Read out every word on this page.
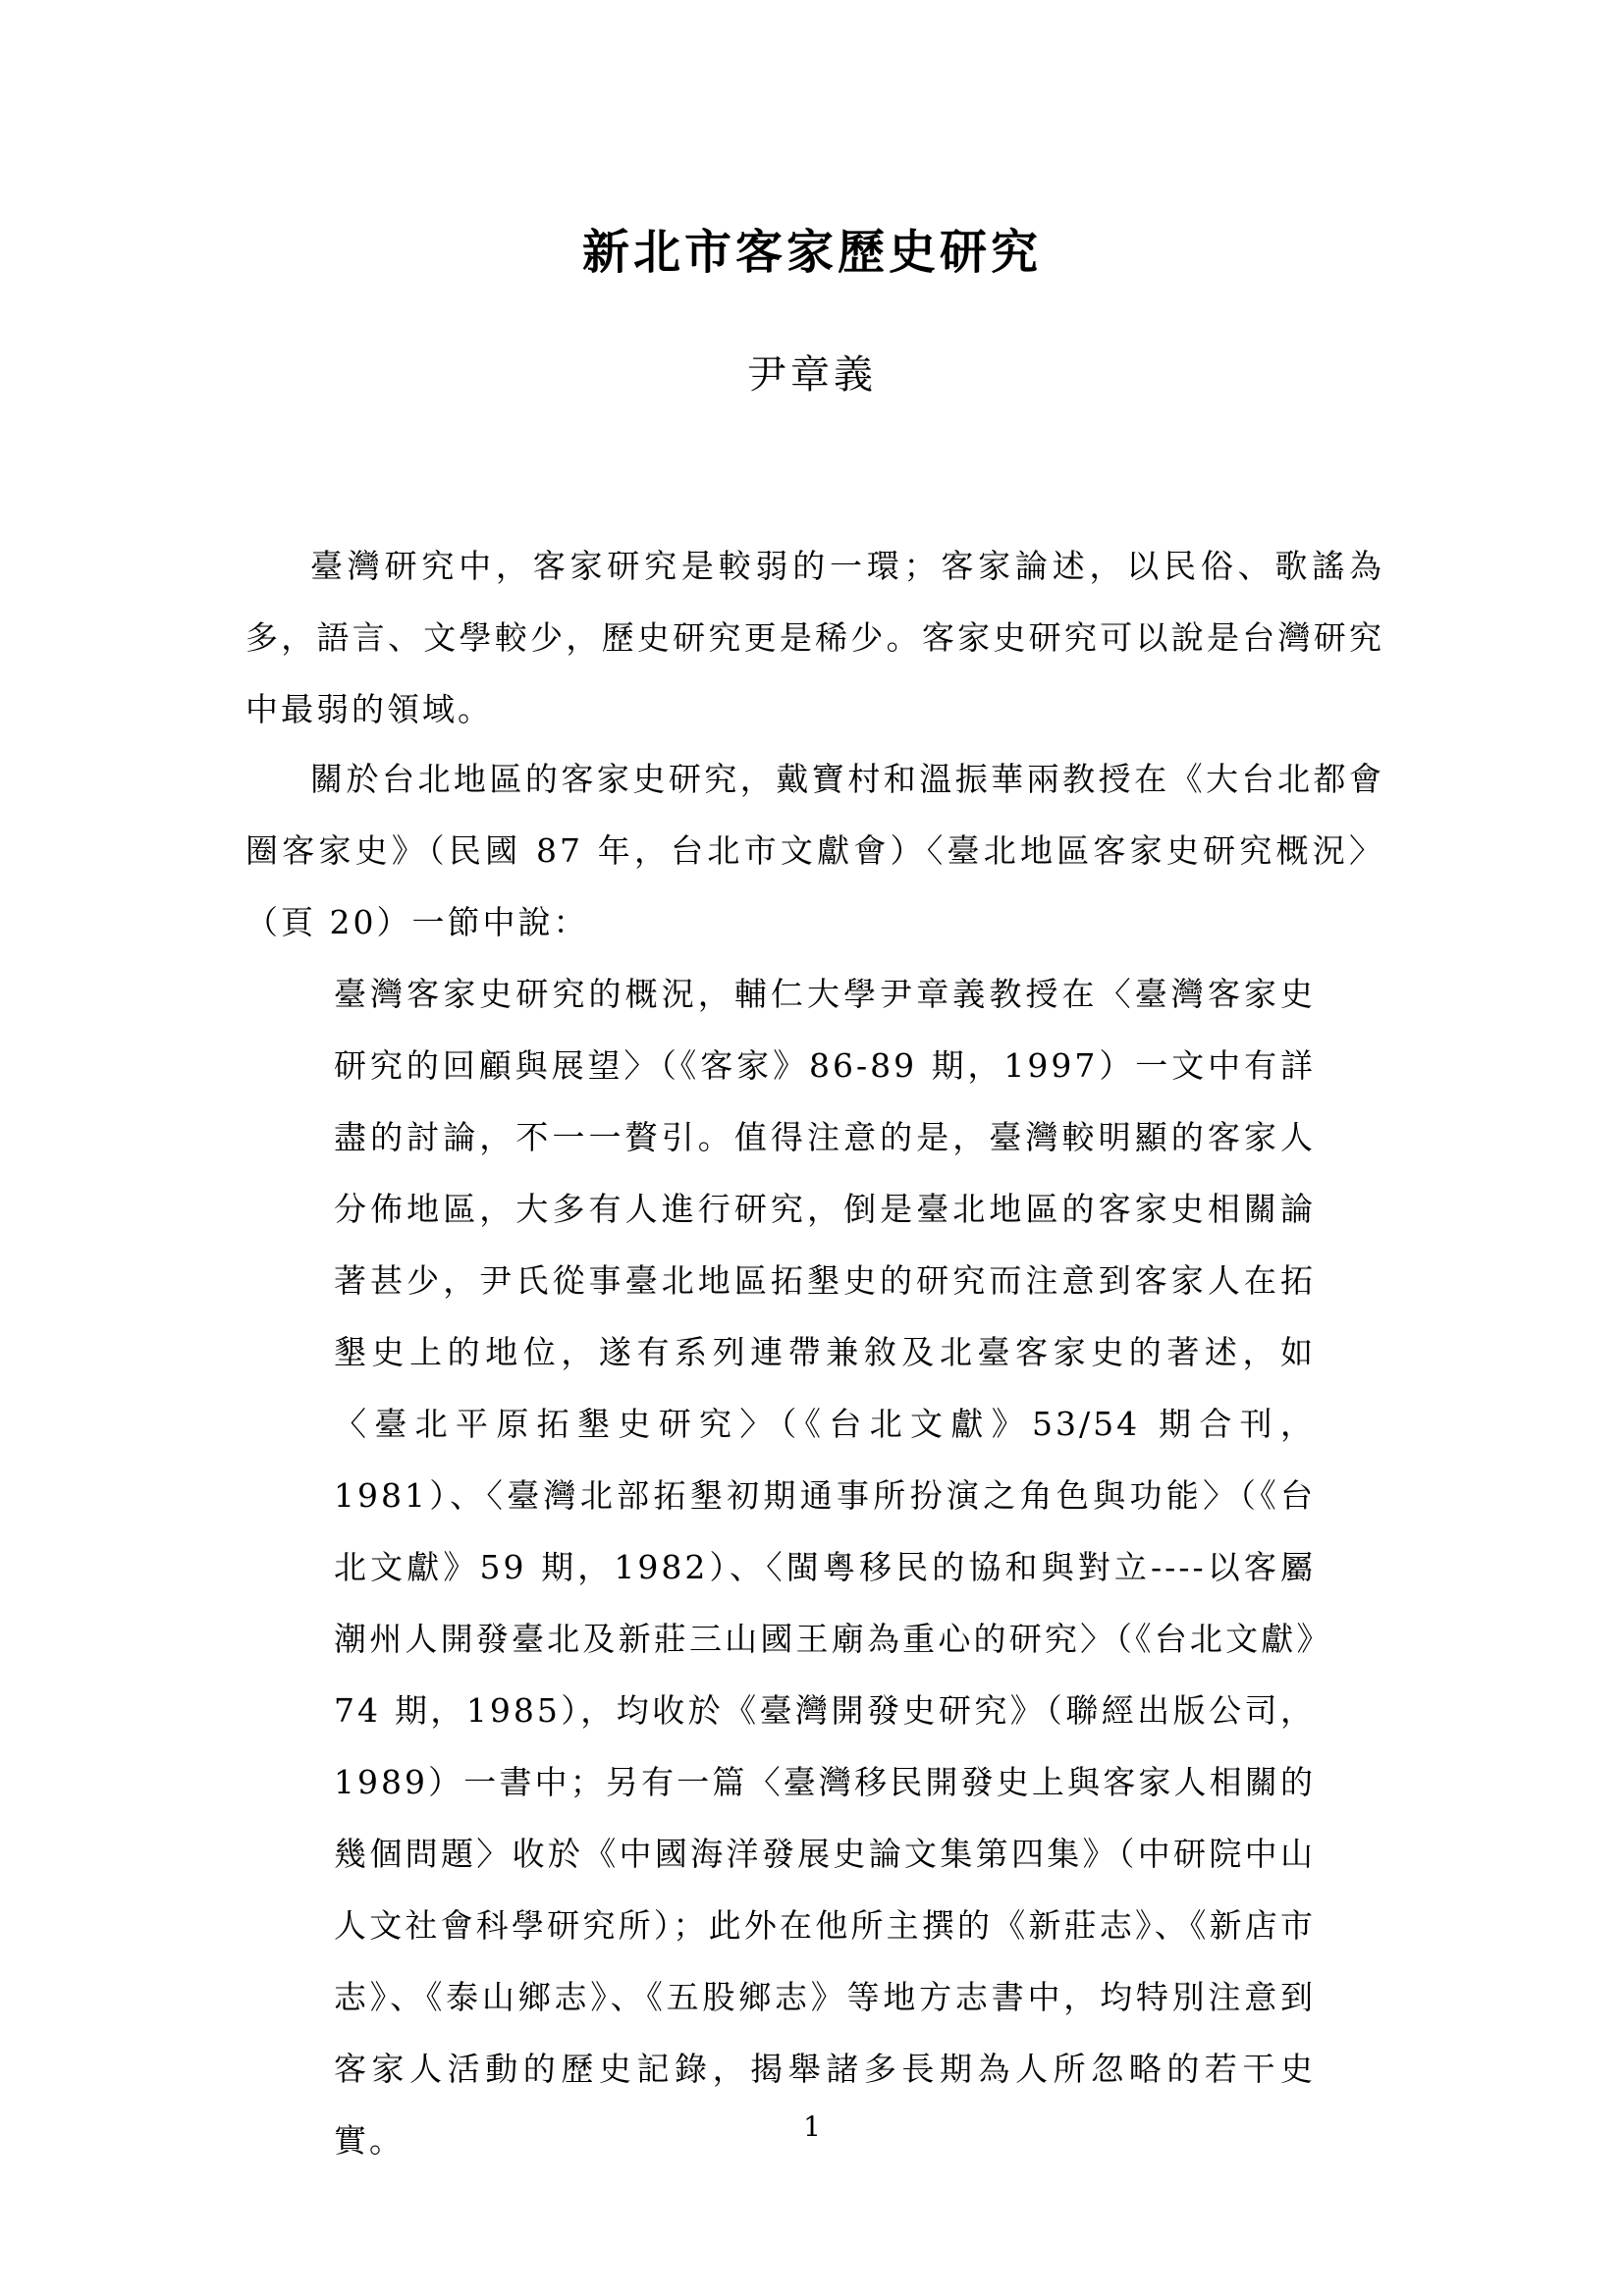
新北市客家歷史研究

尹章義

臺灣研究中，客家研究是較弱的一環；客家論述，以民俗、歌謠為多，語言、文學較少，歷史研究更是稀少。客家史研究可以說是台灣研究中最弱的領域。

關於台北地區的客家史研究，戴寶村和溫振華兩教授在《大台北都會圈客家史》（民國 87 年，台北市文獻會）〈臺北地區客家史研究概況〉（頁 20）一節中說：

臺灣客家史研究的概況，輔仁大學尹章義教授在〈臺灣客家史研究的回顧與展望〉（《客家》86-89 期，1997）一文中有詳盡的討論，不一一贅引。值得注意的是，臺灣較明顯的客家人分佈地區，大多有人進行研究，倒是臺北地區的客家史相關論著甚少，尹氏從事臺北地區拓墾史的研究而注意到客家人在拓墾史上的地位，遂有系列連帶兼敘及北臺客家史的著述，如〈臺北平原拓墾史研究〉（《台北文獻》53/54 期合刊，1981）、〈臺灣北部拓墾初期通事所扮演之角色與功能〉（《台北文獻》59 期，1982）、〈閩粵移民的協和與對立----以客屬潮州人開發臺北及新莊三山國王廟為重心的研究〉（《台北文獻》74 期，1985），均收於《臺灣開發史研究》（聯經出版公司，1989）一書中；另有一篇〈臺灣移民開發史上與客家人相關的幾個問題〉收於《中國海洋發展史論文集第四集》（中研院中山人文社會科學研究所）；此外在他所主撰的《新莊志》、《新店市志》、《泰山鄉志》、《五股鄉志》等地方志書中，均特別注意到客家人活動的歷史記錄，揭舉諸多長期為人所忽略的若干史實。	1
